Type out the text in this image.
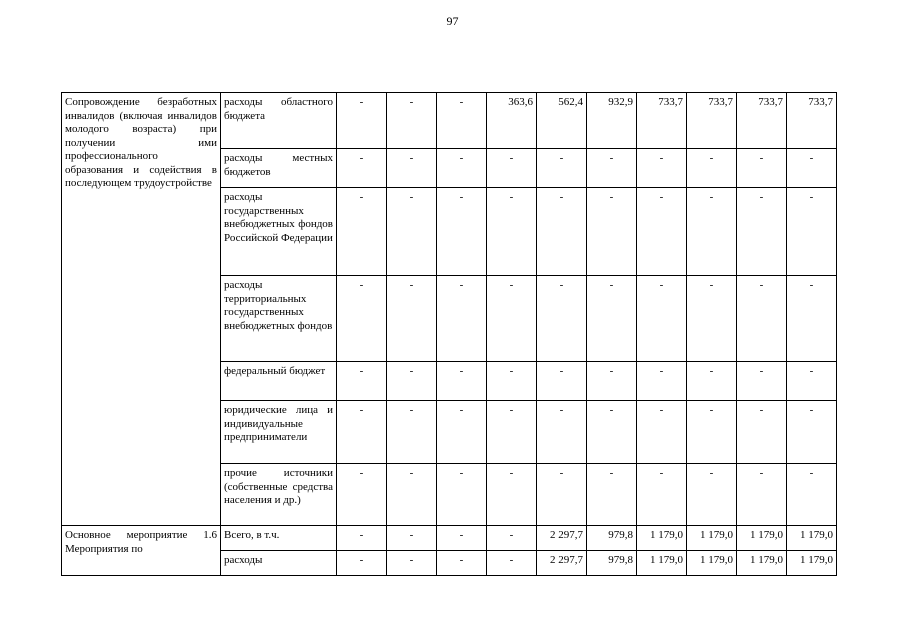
97
Сопровождение безработных инвалидов (включая инвалидов молодого возраста) при получении ими профессионального образования и содействия в последующем трудоустройстве	расходы областного бюджета	-	-	-	363,6	562,4	932,9	733,7	733,7	733,7	733,7
	расходы местных бюджетов	-	-	-	-	-	-	-	-	-	-
	расходы государственных внебюджетных фондов Российской Федерации	-	-	-	-	-	-	-	-	-	-
	расходы территориальных государственных внебюджетных фондов	-	-	-	-	-	-	-	-	-	-
	федеральный бюджет	-	-	-	-	-	-	-	-	-	-
	юридические лица и индивидуальные предприниматели	-	-	-	-	-	-	-	-	-	-
	прочие источники (собственные средства населения и др.)	-	-	-	-	-	-	-	-	-	-
Основное мероприятие 1.6 Мероприятия по	Всего, в т.ч.	-	-	-	-	2 297,7	979,8	1 179,0	1 179,0	1 179,0	1 179,0
	расходы	-	-	-	-	2 297,7	979,8	1 179,0	1 179,0	1 179,0	1 179,0
